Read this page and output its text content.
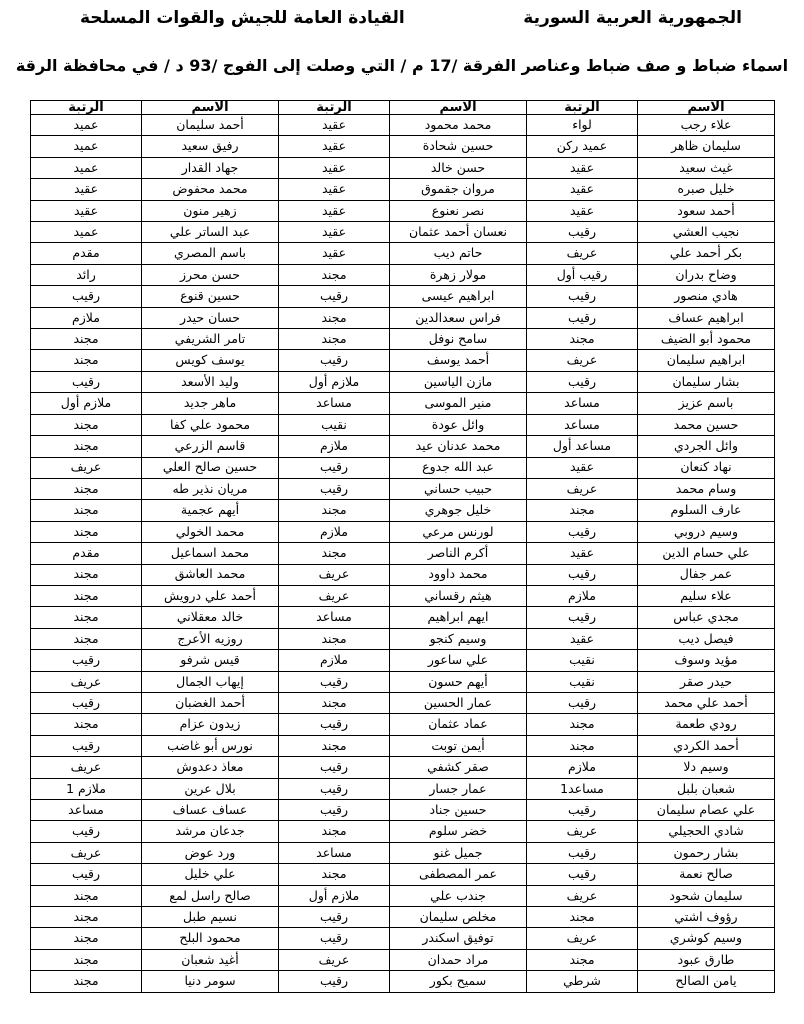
الجمهورية العربية السورية
القيادة العامة للجيش والقوات المسلحة
اسماء ضباط و صف ضباط وعناصر الفرقة /17 م / التي وصلت إلى الفوج /93 د / في محافظة الرقة
الاسم	الرتبة	الاسم	الرتبة	الاسم	الرتبة
علاء رجب	لواء	محمد محمود	عقيد	أحمد سليمان	عميد
سليمان ظاهر	عميد ركن	حسين شحادة	عقيد	رفيق سعيد	عميد
غيث سعيد	عقيد	حسن خالد	عقيد	جهاد القدار	عميد
خليل صبره	عقيد	مروان جقموق	عقيد	محمد محفوض	عقيد
أحمد سعود	عقيد	نصر نعنوع	عقيد	زهير منون	عقيد
نجيب العشي	رقيب	نعسان أحمد عثمان	عقيد	عبد الساتر علي	عميد
بكر أحمد علي	عريف	حاتم ديب	عقيد	باسم المصري	مقدم
وضاح بدران	رقيب أول	مولار زهرة	مجند	حسن محرز	رائد
هادي منصور	رقيب	ابراهيم عيسى	رقيب	حسين قنوع	رقيب
ابراهيم عساف	رقيب	فراس سعدالدين	مجند	حسان حيدر	ملازم
محمود أبو الضيف	مجند	سامح نوفل	مجند	تامر الشريفي	مجند
ابراهيم سليمان	عريف	أحمد يوسف	رقيب	يوسف كويس	مجند
بشار سليمان	رقيب	مازن الياسين	ملازم أول	وليد الأسعد	رقيب
باسم عزيز	مساعد	منير الموسى	مساعد	ماهر جديد	ملازم أول
حسين محمد	مساعد	وائل عودة	نقيب	محمود علي كفا	مجند
وائل الجردي	مساعد أول	محمد عدنان عيد	ملازم	قاسم الزرعي	مجند
نهاد كنعان	عقيد	عبد الله جدوع	رقيب	حسين صالح العلي	عريف
وسام محمد	عريف	حبيب حساني	رقيب	مريان نذير طه	مجند
عارف السلوم	مجند	خليل جوهري	مجند	أيهم عجمية	مجند
وسيم دروبي	رقيب	لورنس مرعي	ملازم	محمد الخولي	مجند
علي حسام الدين	عقيد	أكرم الناصر	مجند	محمد اسماعيل	مقدم
عمر جفال	رقيب	محمد داوود	عريف	محمد العاشق	مجند
علاء سليم	ملازم	هيثم رقساني	عريف	أحمد علي درويش	مجند
مجدي عباس	رقيب	ايهم ابراهيم	مساعد	خالد معقلاني	مجند
فيصل ديب	عقيد	وسيم كنجو	مجند	روزيه الأعرج	مجند
مؤيد وسوف	نقيب	علي ساعور	ملازم	قيس شرفو	رقيب
حيدر صقر	نقيب	أيهم حسون	رقيب	إيهاب الجمال	عريف
أحمد علي محمد	رقيب	عمار الحسين	مجند	أحمد الغضبان	رقيب
رودي طعمة	مجند	عماد عثمان	رقيب	زيدون عزام	مجند
أحمد الكردي	مجند	أيمن توبت	مجند	نورس أبو غاضب	رقيب
وسيم دلا	ملازم	صقر كشفي	رقيب	معاذ دعدوش	عريف
شعبان بلبل	مساعد1	عمار جسار	رقيب	بلال عرين	ملازم 1
علي عصام سليمان	رقيب	حسين جناد	رقيب	عساف عساف	مساعد
شادي الحجيلي	عريف	خضر سلوم	مجند	جدعان مرشد	رقيب
بشار رحمون	رقيب	جميل غنو	مساعد	ورد عوض	عريف
صالح نعمة	رقيب	عمر المصطفى	مجند	علي خليل	رقيب
سليمان شحود	عريف	جندب علي	ملازم أول	صالح راسل لمع	مجند
رؤوف اشتي	مجند	مخلص سليمان	رقيب	نسيم طبل	مجند
وسيم كوشري	عريف	توفيق اسكندر	رقيب	محمود البلح	مجند
طارق عبود	مجند	مراد حمدان	عريف	أغيد شعبان	مجند
يامن الصالح	شرطي	سميح بكور	رقيب	سومر دنيا	مجند
